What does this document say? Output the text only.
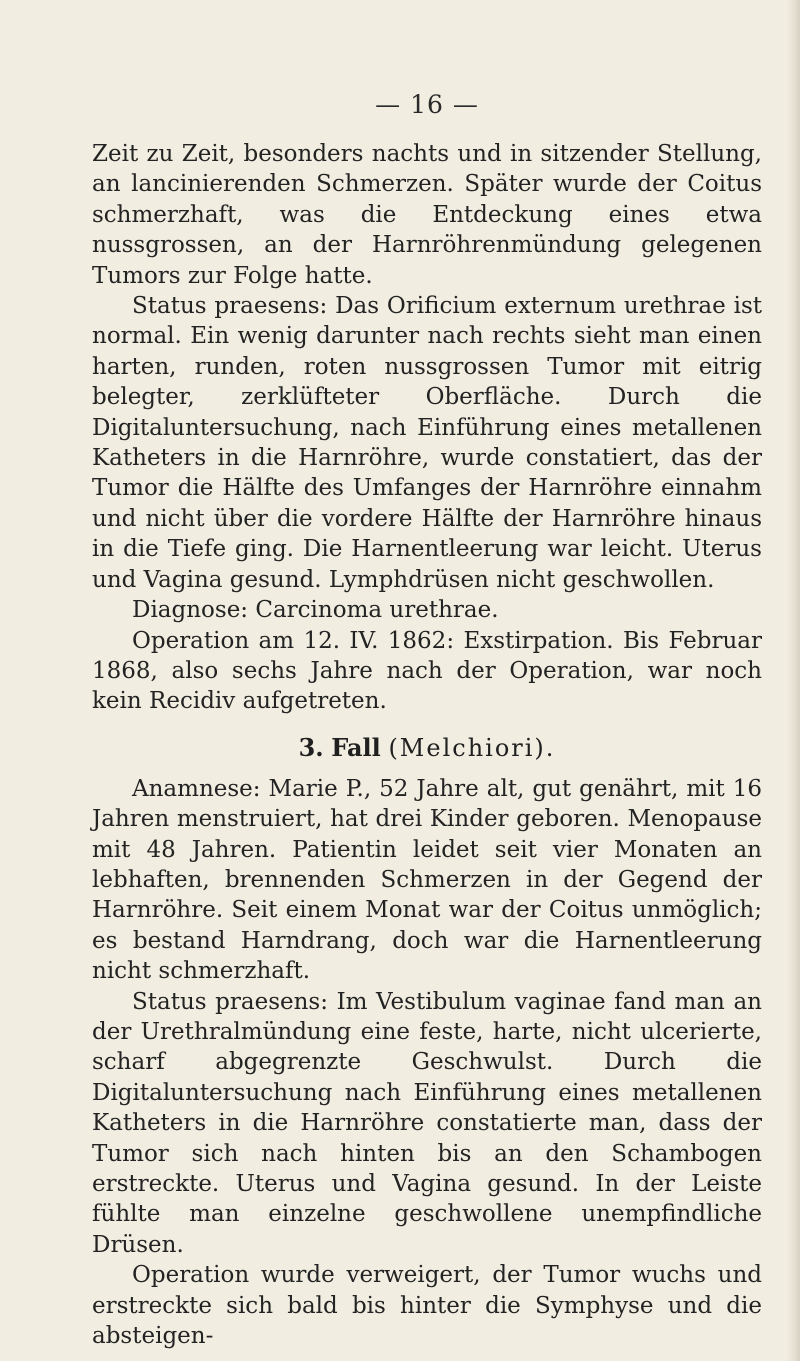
— 16 —

Zeit zu Zeit, besonders nachts und in sitzender Stellung, an lancinierenden Schmerzen. Später wurde der Coitus schmerzhaft, was die Entdeckung eines etwa nussgrossen, an der Harnröhrenmündung gelegenen Tumors zur Folge hatte.

Status praesens: Das Orificium externum urethrae ist normal. Ein wenig darunter nach rechts sieht man einen harten, runden, roten nussgrossen Tumor mit eitrig belegter, zerklüfteter Oberfläche. Durch die Digitaluntersuchung, nach Einführung eines metallenen Katheters in die Harnröhre, wurde constatiert, das der Tumor die Hälfte des Umfanges der Harnröhre einnahm und nicht über die vordere Hälfte der Harnröhre hinaus in die Tiefe ging. Die Harnentleerung war leicht. Uterus und Vagina gesund. Lymphdrüsen nicht geschwollen.

Diagnose: Carcinoma urethrae.

Operation am 12. IV. 1862: Exstirpation. Bis Februar 1868, also sechs Jahre nach der Operation, war noch kein Recidiv aufgetreten.

3. Fall (Melchiori).

Anamnese: Marie P., 52 Jahre alt, gut genährt, mit 16 Jahren menstruiert, hat drei Kinder geboren. Menopause mit 48 Jahren. Patientin leidet seit vier Monaten an lebhaften, brennenden Schmerzen in der Gegend der Harnröhre. Seit einem Monat war der Coitus unmöglich; es bestand Harndrang, doch war die Harnentleerung nicht schmerzhaft.

Status praesens: Im Vestibulum vaginae fand man an der Urethralmündung eine feste, harte, nicht ulcerierte, scharf abgegrenzte Geschwulst. Durch die Digitaluntersuchung nach Einführung eines metallenen Katheters in die Harnröhre constatierte man, dass der Tumor sich nach hinten bis an den Schambogen erstreckte. Uterus und Vagina gesund. In der Leiste fühlte man einzelne geschwollene unempfindliche Drüsen.

Operation wurde verweigert, der Tumor wuchs und erstreckte sich bald bis hinter die Symphyse und die absteigen-
